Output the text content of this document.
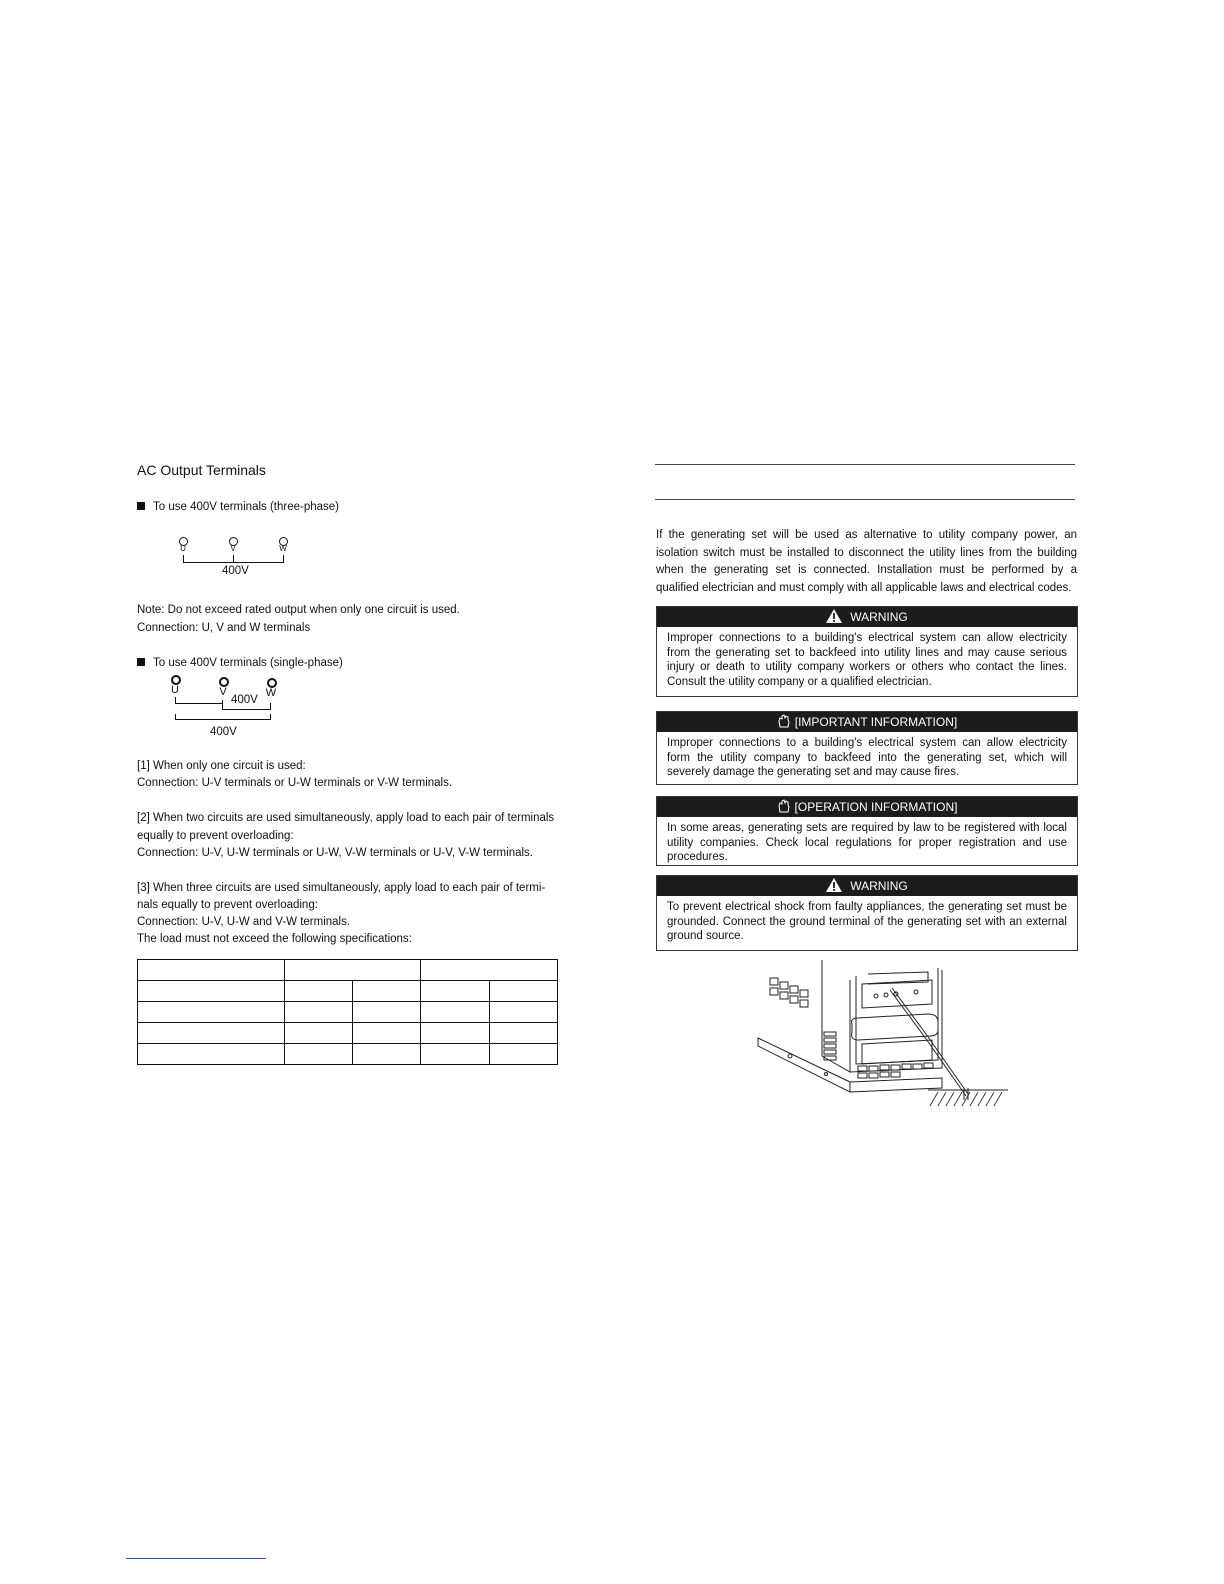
AC Output Terminals
To use 400V terminals (three-phase)
U	V	W
400V
Note: Do not exceed rated output when only one circuit is used.
Connection: U, V and W terminals
To use 400V terminals (single-phase)
U	V	W
400V
400V
[1] When only one circuit is used:
Connection: U-V terminals or U-W terminals or V-W terminals.
[2] When two circuits are used simultaneously, apply load to each pair of terminals
equally to prevent overloading:
Connection: U-V, U-W terminals or U-W, V-W terminals or U-V, V-W terminals.
[3] When three circuits are used simultaneously, apply load to each pair of termi-
nals equally to prevent overloading:
Connection: U-V, U-W and V-W terminals.
The load must not exceed the following specifications:

If the generating set will be used as alternative to utility company power, an isolation switch must be installed to disconnect the utility lines from the building when the generating set is connected. Installation must be performed by a qualified electrician and must comply with all applicable laws and electrical codes.
WARNING
Improper connections to a building's electrical system can allow electricity from the generating set to backfeed into utility lines and may cause serious injury or death to utility company workers or others who contact the lines. Consult the utility company or a qualified electrician.
[IMPORTANT INFORMATION]
Improper connections to a building's electrical system can allow electricity form the utility company to backfeed into the generating set, which will severely damage the generating set and may cause fires.
[OPERATION INFORMATION]
In some areas, generating sets are required by law to be registered with local utility companies. Check local regulations for proper registration and use procedures.
WARNING
To prevent electrical shock from faulty appliances, the generating set must be grounded. Connect the ground terminal of the generating set with an external ground source.
